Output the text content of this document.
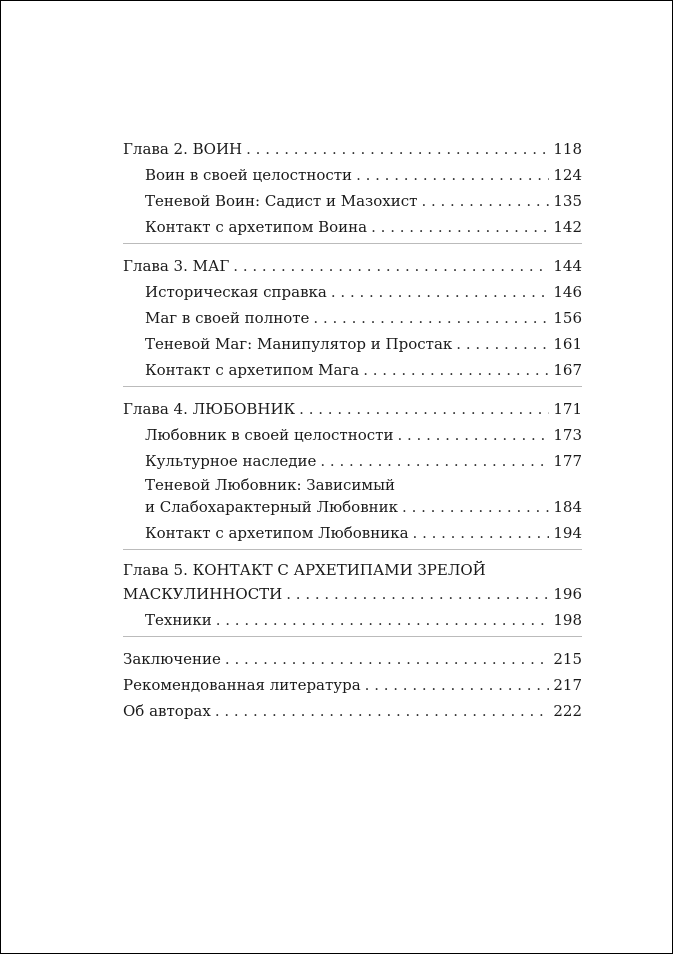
Глава 2. ВОИН . . .	118
Воин в своей целостности . . .	124
Теневой Воин: Садист и Мазохист . . .	135
Контакт с архетипом Воина . . .	142
Глава 3. МАГ . . .	144
Историческая справка . . .	146
Маг в своей полноте . . .	156
Теневой Маг: Манипулятор и Простак . . .	161
Контакт с архетипом Мага . . .	167
Глава 4. ЛЮБОВНИК . . .	171
Любовник в своей целостности . . .	173
Культурное наследие . . .	177
Теневой Любовник: Зависимый
и Слабохарактерный Любовник . . .	184
Контакт с архетипом Любовника . . .	194
Глава 5. КОНТАКТ С АРХЕТИПАМИ ЗРЕЛОЙ
МАСКУЛИННОСТИ . . .	196
Техники . . .	198
Заключение . . .	215
Рекомендованная литература . . .	217
Об авторах . . .	222
